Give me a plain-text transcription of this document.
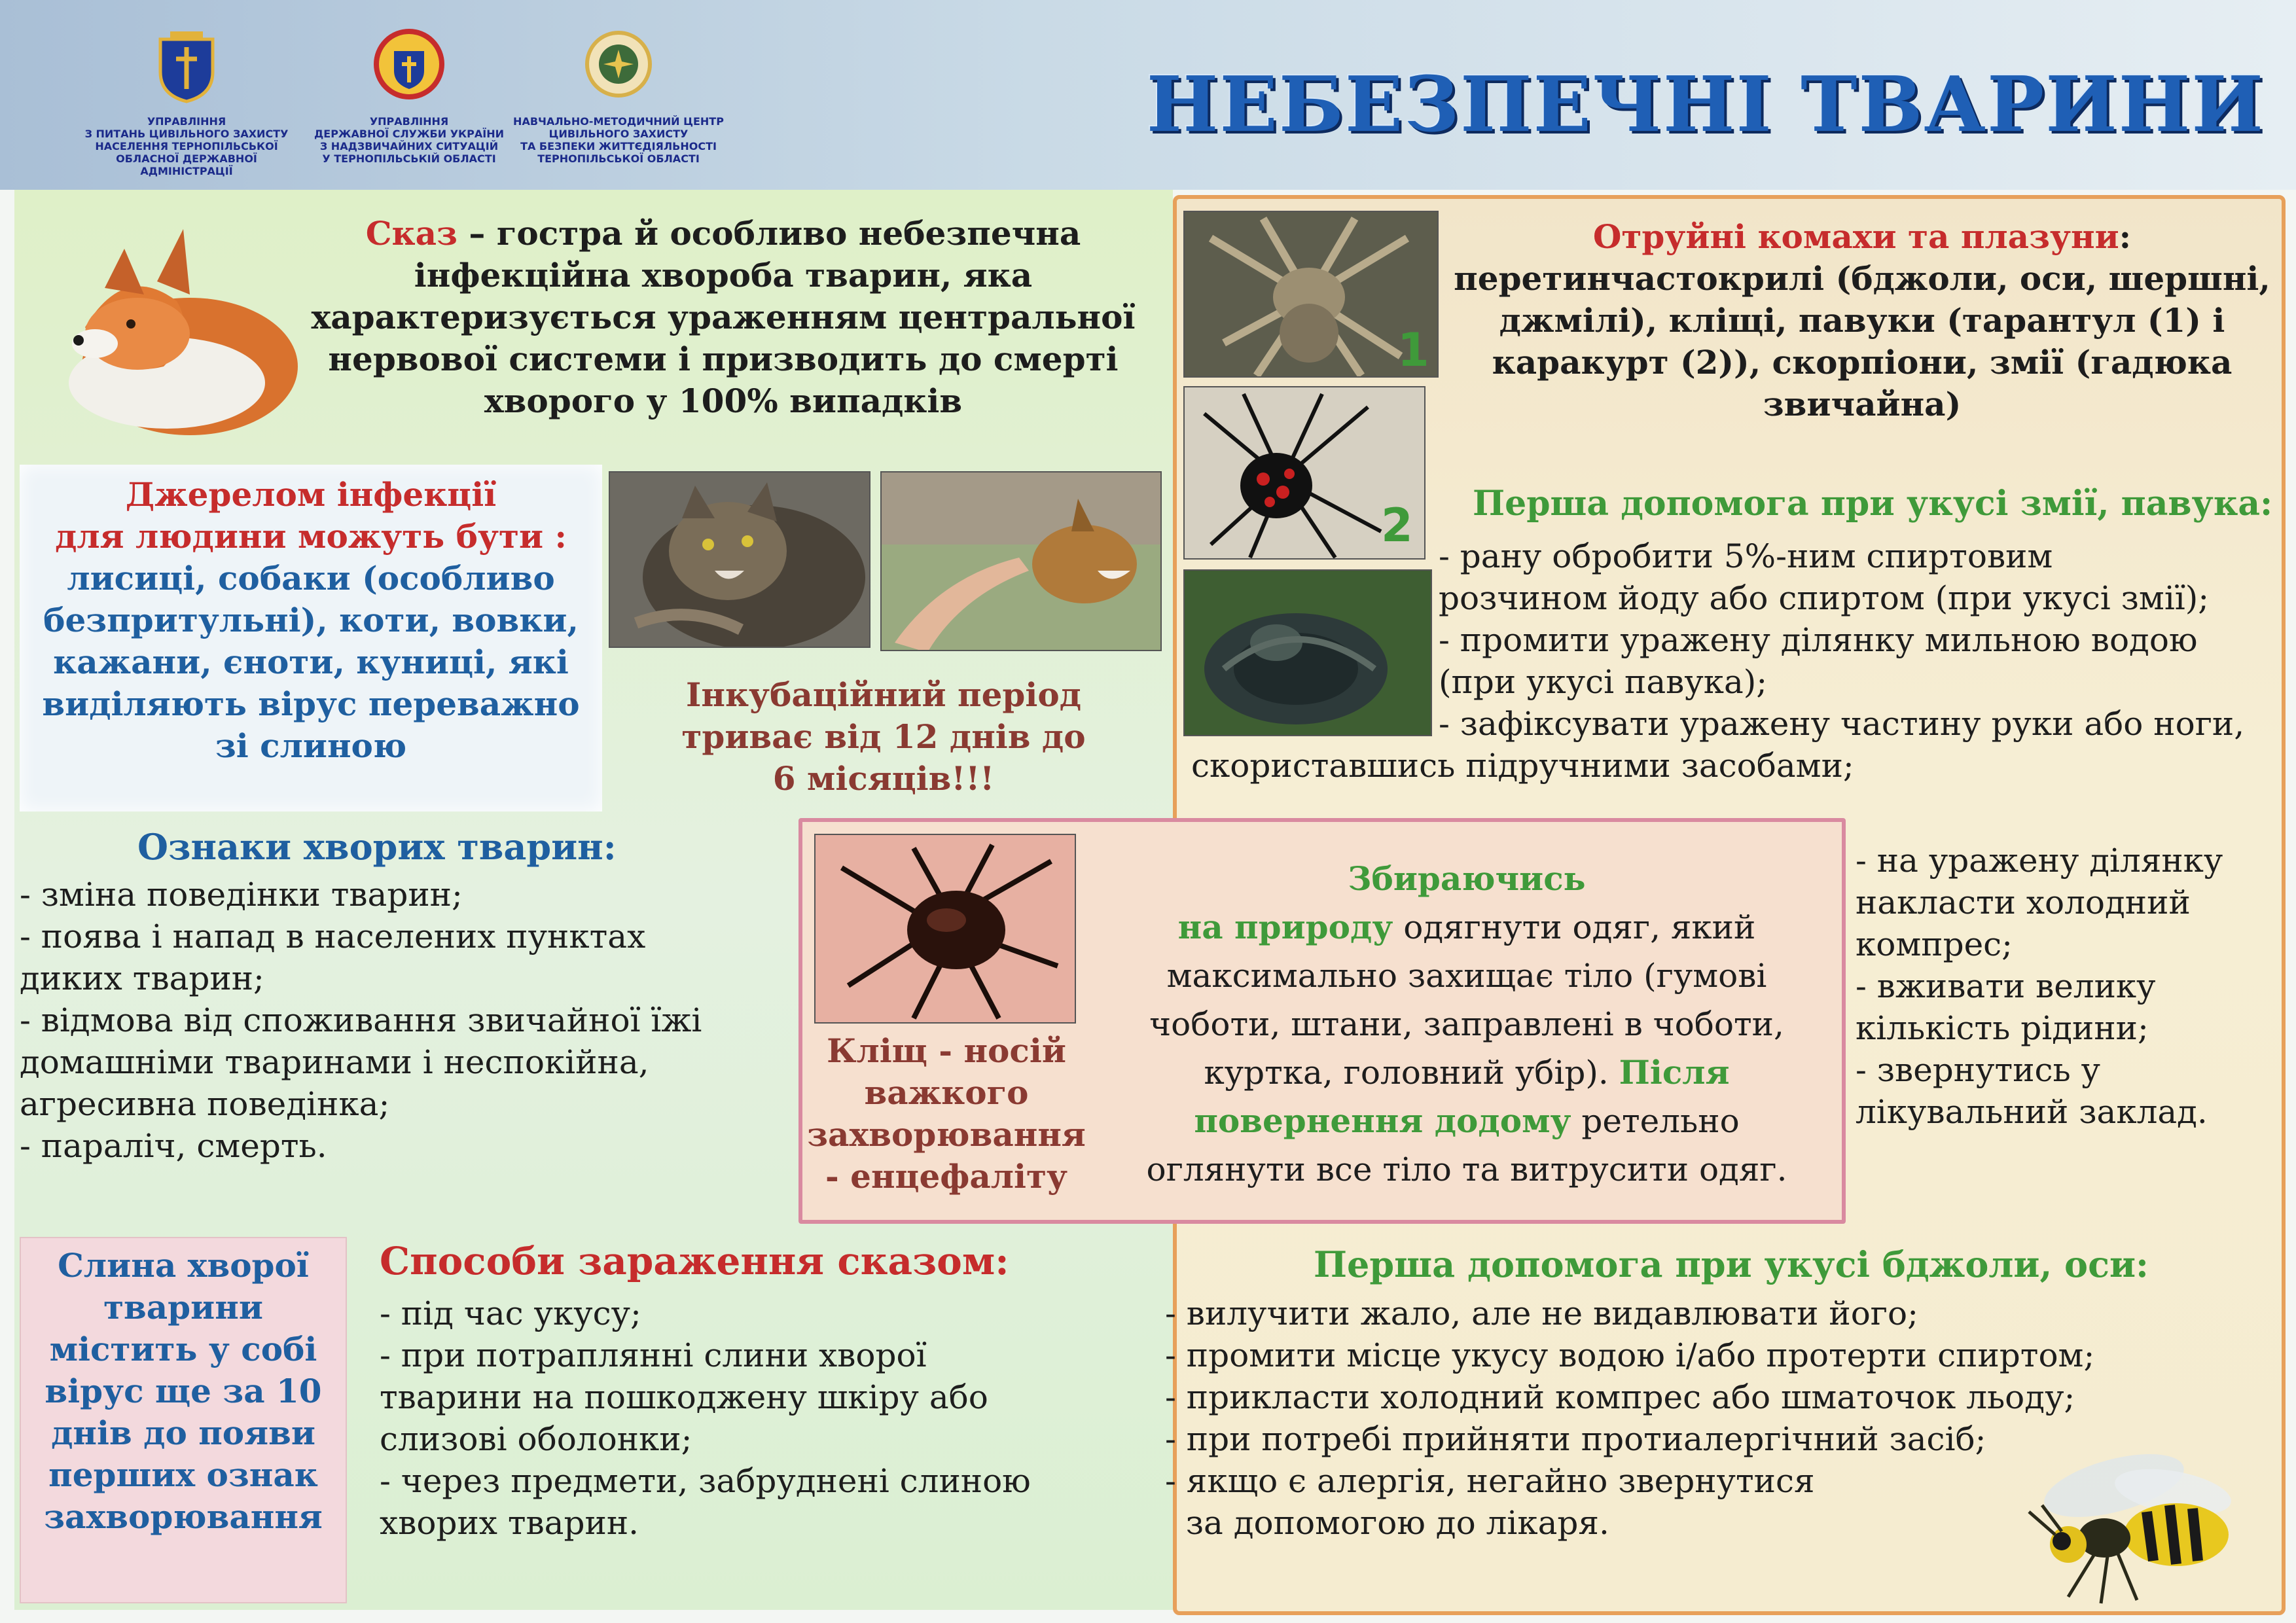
УПРАВЛІННЯ
З ПИТАНЬ ЦИВІЛЬНОГО ЗАХИСТУ
НАСЕЛЕННЯ ТЕРНОПІЛЬСЬКОЇ
ОБЛАСНОЇ ДЕРЖАВНОЇ АДМІНІСТРАЦІЇ
УПРАВЛІННЯ
ДЕРЖАВНОЇ СЛУЖБИ УКРАЇНИ
З НАДЗВИЧАЙНИХ СИТУАЦІЙ
У ТЕРНОПІЛЬСЬКІЙ ОБЛАСТІ
НАВЧАЛЬНО-МЕТОДИЧНИЙ ЦЕНТР
ЦИВІЛЬНОГО ЗАХИСТУ
ТА БЕЗПЕКИ ЖИТТЄДІЯЛЬНОСТІ
ТЕРНОПІЛЬСЬКОЇ ОБЛАСТІ
НЕБЕЗПЕЧНІ ТВАРИНИ
Сказ – гостра й особливо небезпечна
інфекційна хвороба тварин, яка
характеризується ураженням центральної
нервової системи і призводить до смерті
хворого у 100% випадків
Джерелом інфекції
для людини можуть бути :
лисиці, собаки (особливо
безпритульні), коти, вовки,
кажани, єноти, куниці, які
виділяють вірус переважно
зі слиною
Інкубаційний період
триває від 12 днів до
6 місяців!!!
Ознаки хворих тварин:
- зміна поведінки тварин;
- поява і напад в населених пунктах
диких тварин;
- відмова від споживання звичайної їжі
домашніми тваринами і неспокійна,
агресивна поведінка;
- параліч, смерть.
Слина хворої
тварини
містить у собі
вірус ще за 10
днів до появи
перших ознак
захворювання
Способи зараження сказом:
- під час укусу;
- при потраплянні слини хворої
тварини на пошкоджену шкіру або
слизові оболонки;
- через предмети, забруднені слиною
хворих тварин.
1
2
Отруйні комахи та плазуни:
перетинчастокрилі (бджоли, оси, шершні,
джмілі), кліщі, павуки (тарантул (1) і
каракурт (2)), скорпіони, змії (гадюка
звичайна)
Перша допомога при укусі змії, павука:
- рану обробити 5%-ним спиртовим
розчином йоду або спиртом (при укусі змії);
- промити уражену ділянку мильною водою
(при укусі павука);
- зафіксувати уражену частину руки або ноги,
скориставшись підручними засобами;
- на уражену ділянку
накласти холодний
компрес;
- вживати велику
кількість рідини;
- звернутись у
лікувальний заклад.
Кліщ - носій
важкого
захворювання
- енцефаліту
Збираючись
на природу одягнути одяг, який
максимально захищає тіло (гумові
чоботи, штани, заправлені в чоботи,
куртка, головний убір). Після
повернення додому ретельно
оглянути все тіло та витрусити одяг.
Перша допомога при укусі бджоли, оси:
- вилучити жало, але не видавлювати його;
- промити місце укусу водою і/або протерти спиртом;
- прикласти холодний компрес або шматочок льоду;
- при потребі прийняти протиалергічний засіб;
- якщо є алергія, негайно звернутися
за допомогою до лікаря.
